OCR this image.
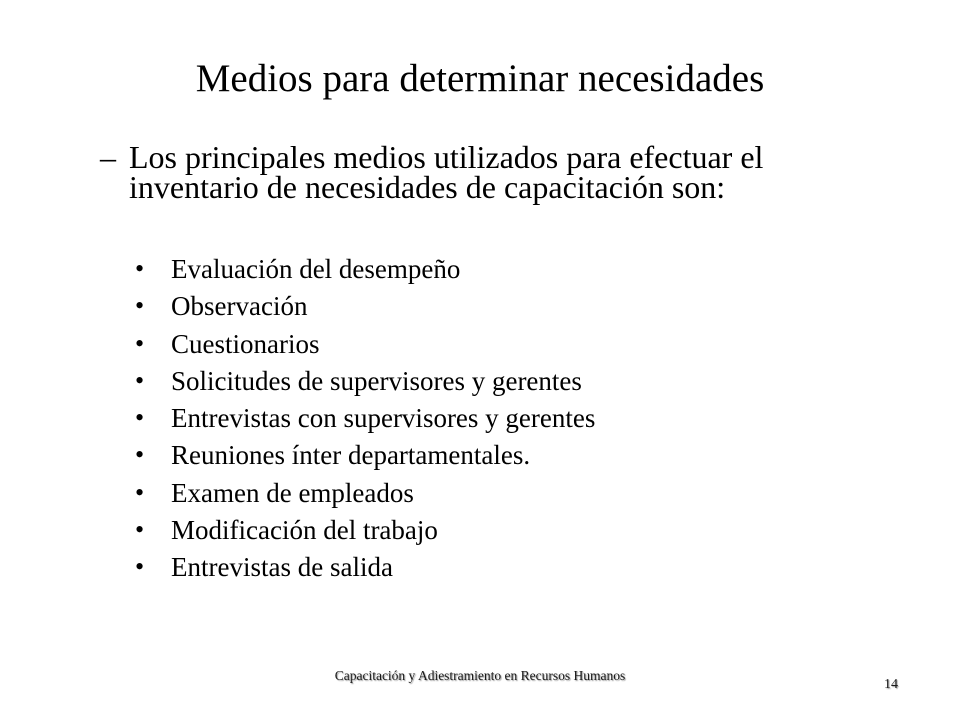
Medios para determinar necesidades
– Los principales medios utilizados para efectuar el inventario de necesidades de capacitación son:
• Evaluación del desempeño
• Observación
• Cuestionarios
• Solicitudes de supervisores y gerentes
• Entrevistas con supervisores y gerentes
• Reuniones ínter departamentales.
• Examen de empleados
• Modificación del trabajo
• Entrevistas de salida
Capacitación y Adiestramiento en Recursos Humanos
14
